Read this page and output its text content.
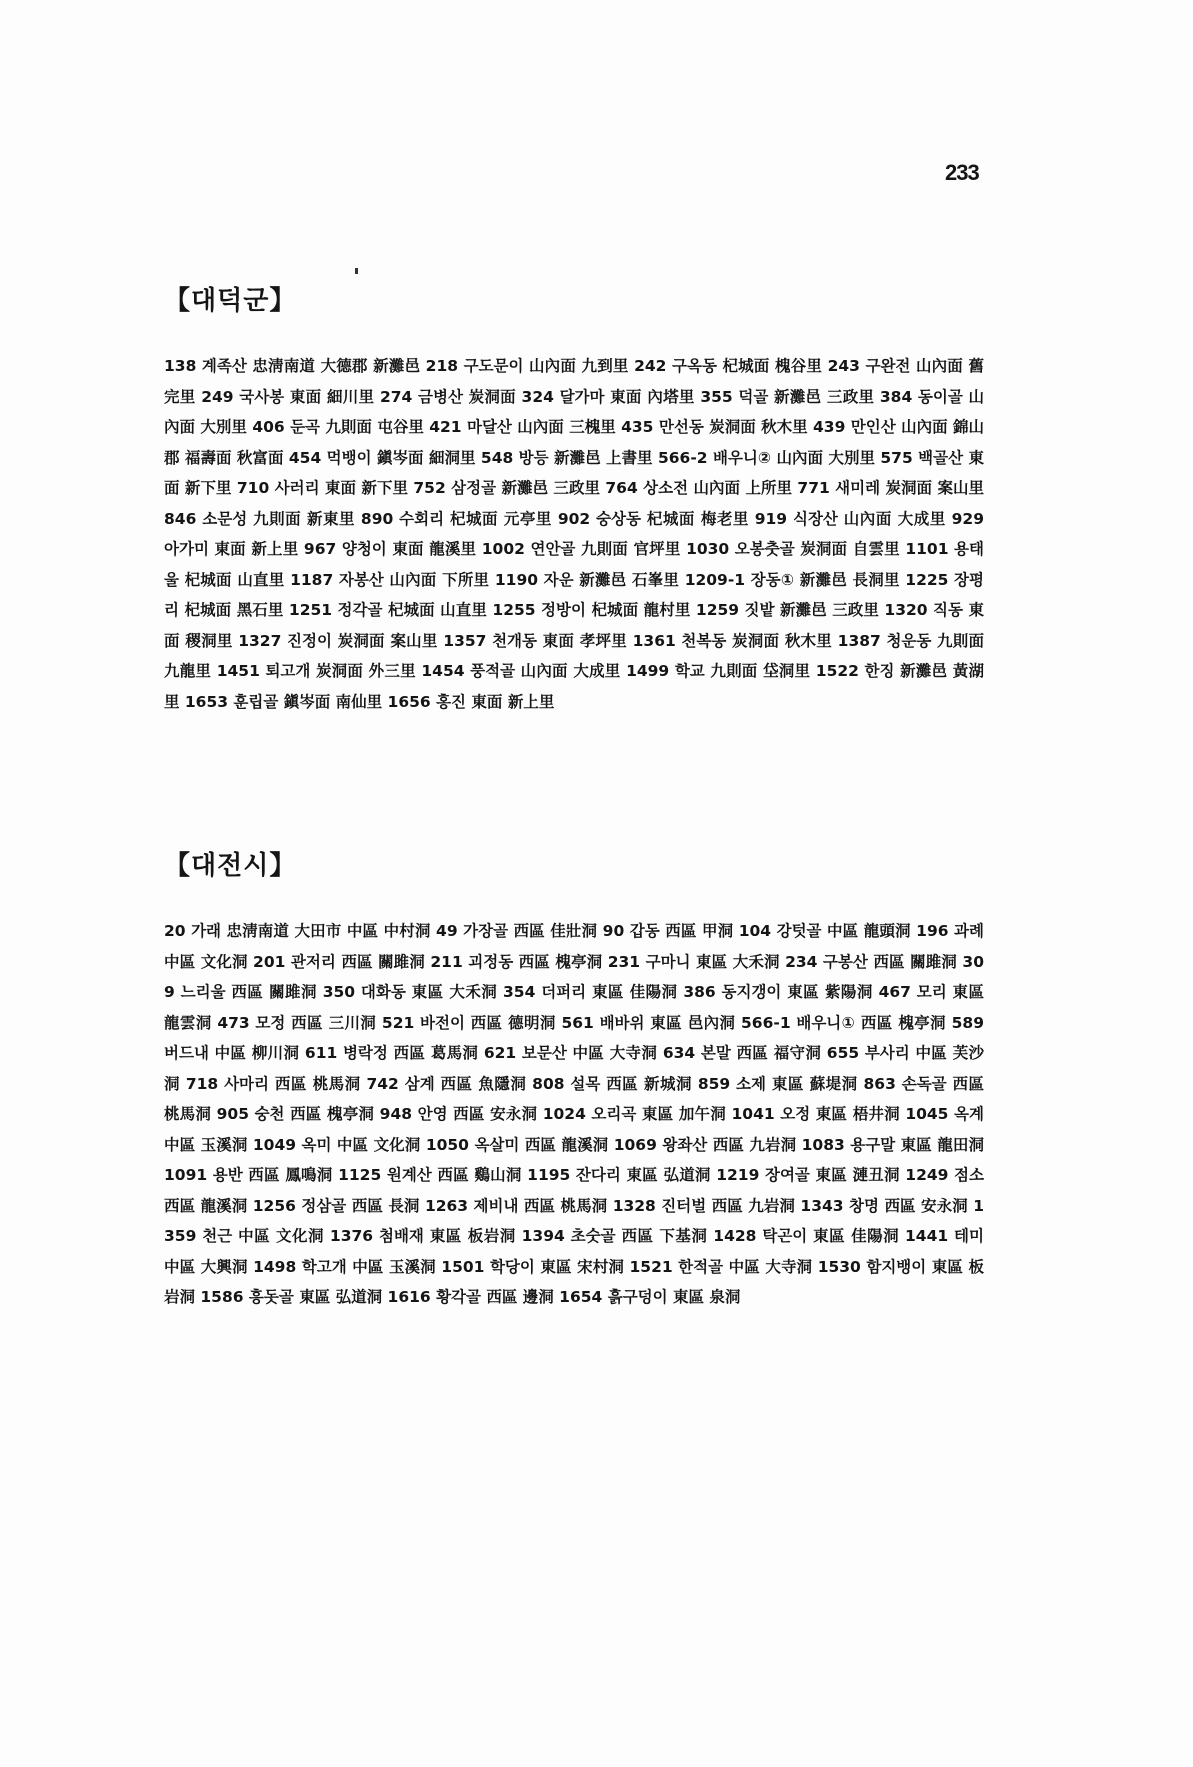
233
【대덕군】

138 계족산 忠淸南道 大德郡 新灘邑 218 구도문이 山內面 九到里 242 구옥동 杞城面 槐谷里 243 구완전 山內面 舊完里 249 국사봉 東面 細川里 274 금병산 炭洞面 324 달가마 東面 內塔里 355 덕골 新灘邑 三政里 384 동이골 山內面 大別里 406 둔곡 九則面 屯谷里 421 마달산 山內面 三槐里 435 만선동 炭洞面 秋木里 439 만인산 山內面 錦山郡 福壽面 秋富面 454 먹뱅이 鎭岑面 細洞里 548 방등 新灘邑 上書里 566-2 배우니② 山內面 大別里 575 백골산 東面 新下里 710 사러리 東面 新下里 752 삼정골 新灘邑 三政里 764 상소전 山內面 上所里 771 새미레 炭洞面 案山里 846 소문성 九則面 新東里 890 수회리 杞城面 元亭里 902 숭상동 杞城面 梅老里 919 식장산 山內面 大成里 929 아가미 東面 新上里 967 양청이 東面 龍溪里 1002 연안골 九則面 官坪里 1030 오봉춧골 炭洞面 自雲里 1101 용태울 杞城面 山直里 1187 자봉산 山內面 下所里 1190 자운 新灘邑 石峯里 1209-1 장동① 新灘邑 長洞里 1225 장평리 杞城面 黑石里 1251 정각골 杞城面 山直里 1255 정방이 杞城面 龍村里 1259 짓밭 新灘邑 三政里 1320 직동 東面 稷洞里 1327 진정이 炭洞面 案山里 1357 천개동 東面 孝坪里 1361 천복동 炭洞面 秋木里 1387 청운동 九則面 九龍里 1451 퇴고개 炭洞面 外三里 1454 풍적골 山內面 大成里 1499 학교 九則面 垈洞里 1522 한징 新灘邑 黃湖里 1653 훈립골 鎭岑面 南仙里 1656 홍진 東面 新上里

【대전시】

20 가래 忠淸南道 大田市 中區 中村洞 49 가장골 西區 佳壯洞 90 갑동 西區 甲洞 104 강텃골 中區 龍頭洞 196 과례 中區 文化洞 201 관저리 西區 關雎洞 211 괴정동 西區 槐亭洞 231 구마니 東區 大禾洞 234 구봉산 西區 關雎洞 309 느리울 西區 關雎洞 350 대화동 東區 大禾洞 354 더퍼리 東區 佳陽洞 386 동지갱이 東區 紫陽洞 467 모리 東區 龍雲洞 473 모정 西區 三川洞 521 바전이 西區 德明洞 561 배바위 東區 邑內洞 566-1 배우니① 西區 槐亭洞 589 버드내 中區 柳川洞 611 병락정 西區 葛馬洞 621 보문산 中區 大寺洞 634 본말 西區 福守洞 655 부사리 中區 芙沙洞 718 사마리 西區 桃馬洞 742 삼계 西區 魚隱洞 808 설목 西區 新城洞 859 소제 東區 蘇堤洞 863 손독골 西區 桃馬洞 905 숭천 西區 槐亭洞 948 안영 西區 安永洞 1024 오리곡 東區 加午洞 1041 오정 東區 梧井洞 1045 옥계 中區 玉溪洞 1049 옥미 中區 文化洞 1050 옥살미 西區 龍溪洞 1069 왕좌산 西區 九岩洞 1083 용구말 東區 龍田洞 1091 용반 西區 鳳鳴洞 1125 원계산 西區 鷄山洞 1195 잔다리 東區 弘道洞 1219 장여골 東區 漣丑洞 1249 점소 西區 龍溪洞 1256 정삼골 西區 長洞 1263 제비내 西區 桃馬洞 1328 진터벌 西區 九岩洞 1343 창명 西區 安永洞 1359 천근 中區 文化洞 1376 첨배재 東區 板岩洞 1394 초숫골 西區 下基洞 1428 탁곤이 東區 佳陽洞 1441 테미 中區 大興洞 1498 학고개 中區 玉溪洞 1501 학당이 東區 宋村洞 1521 한적골 中區 大寺洞 1530 함지뱅이 東區 板岩洞 1586 흥돗골 東區 弘道洞 1616 황각골 西區 邊洞 1654 흙구덩이 東區 泉洞
